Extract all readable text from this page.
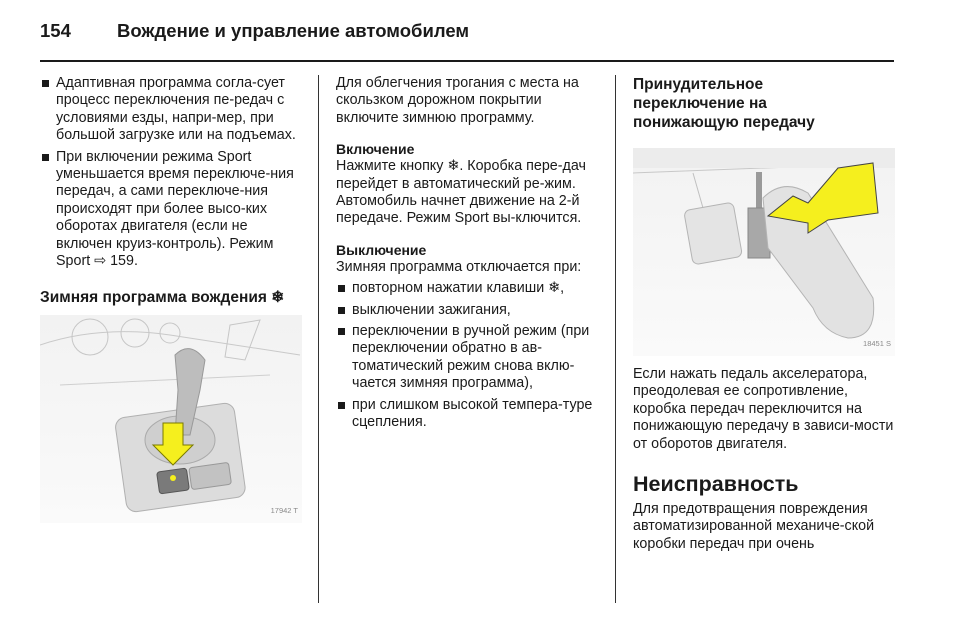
154 Вождение и управление автомобилем
Адаптивная программа согла-сует процесс переключения пе-редач с условиями езды, напри-мер, при большой загрузке или на подъемах.
При включении режима Sport уменьшается время переключе-ния передач, а сами переключе-ния происходят при более высо-ких оборотах двигателя (если не включен круиз-контроль). Режим Sport ⇨ 159.

Зимняя программа вождения ❄

17942 T

Для облегчения трогания с места на скользком дорожном покрытии включите зимнюю программу.

Включение

Нажмите кнопку ❄. Коробка пере-дач перейдет в автоматический ре-жим. Автомобиль начнет движение на 2-й передаче. Режим Sport вы-ключится.

Выключение

Зимняя программа отключается при:

повторном нажатии клавиши ❄,
выключении зажигания,
переключении в ручной режим (при переключении обратно в ав-томатический режим снова вклю-чается зимняя программа),
при слишком высокой темпера-туре сцепления.

Принудительное переключение на понижающую передачу

18451 S

Если нажать педаль акселератора, преодолевая ее сопротивление, коробка передач переключится на понижающую передачу в зависи-мости от оборотов двигателя.

Неисправность

Для предотвращения повреждения автоматизированной механиче-ской коробки передач при очень
